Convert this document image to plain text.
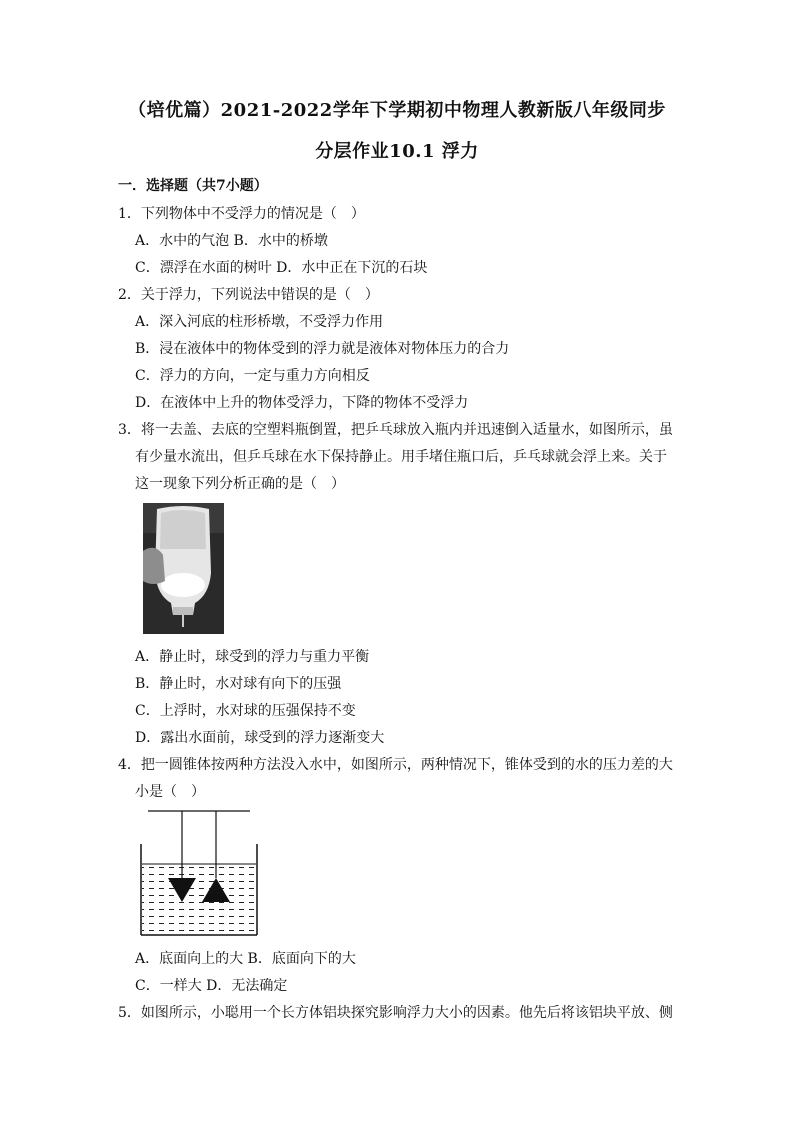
（培优篇）2021-2022学年下学期初中物理人教新版八年级同步
分层作业10.1 浮力
一．选择题（共7小题）
1．下列物体中不受浮力的情况是（　）
A．水中的气泡 B．水中的桥墩
C．漂浮在水面的树叶 D．水中正在下沉的石块
2．关于浮力，下列说法中错误的是（　）
A．深入河底的柱形桥墩，不受浮力作用
B．浸在液体中的物体受到的浮力就是液体对物体压力的合力
C．浮力的方向，一定与重力方向相反
D．在液体中上升的物体受浮力，下降的物体不受浮力
3．将一去盖、去底的空塑料瓶倒置，把乒乓球放入瓶内并迅速倒入适量水，如图所示，虽
有少量水流出，但乒乓球在水下保持静止。用手堵住瓶口后，乒乓球就会浮上来。关于
这一现象下列分析正确的是（　）
A．静止时，球受到的浮力与重力平衡
B．静止时，水对球有向下的压强
C．上浮时，水对球的压强保持不变
D．露出水面前，球受到的浮力逐渐变大
4．把一圆锥体按两种方法没入水中，如图所示，两种情况下，锥体受到的水的压力差的大
小是（　）
A．底面向上的大 B．底面向下的大
C．一样大 D．无法确定
5．如图所示，小聪用一个长方体铝块探究影响浮力大小的因素。他先后将该铝块平放、侧
